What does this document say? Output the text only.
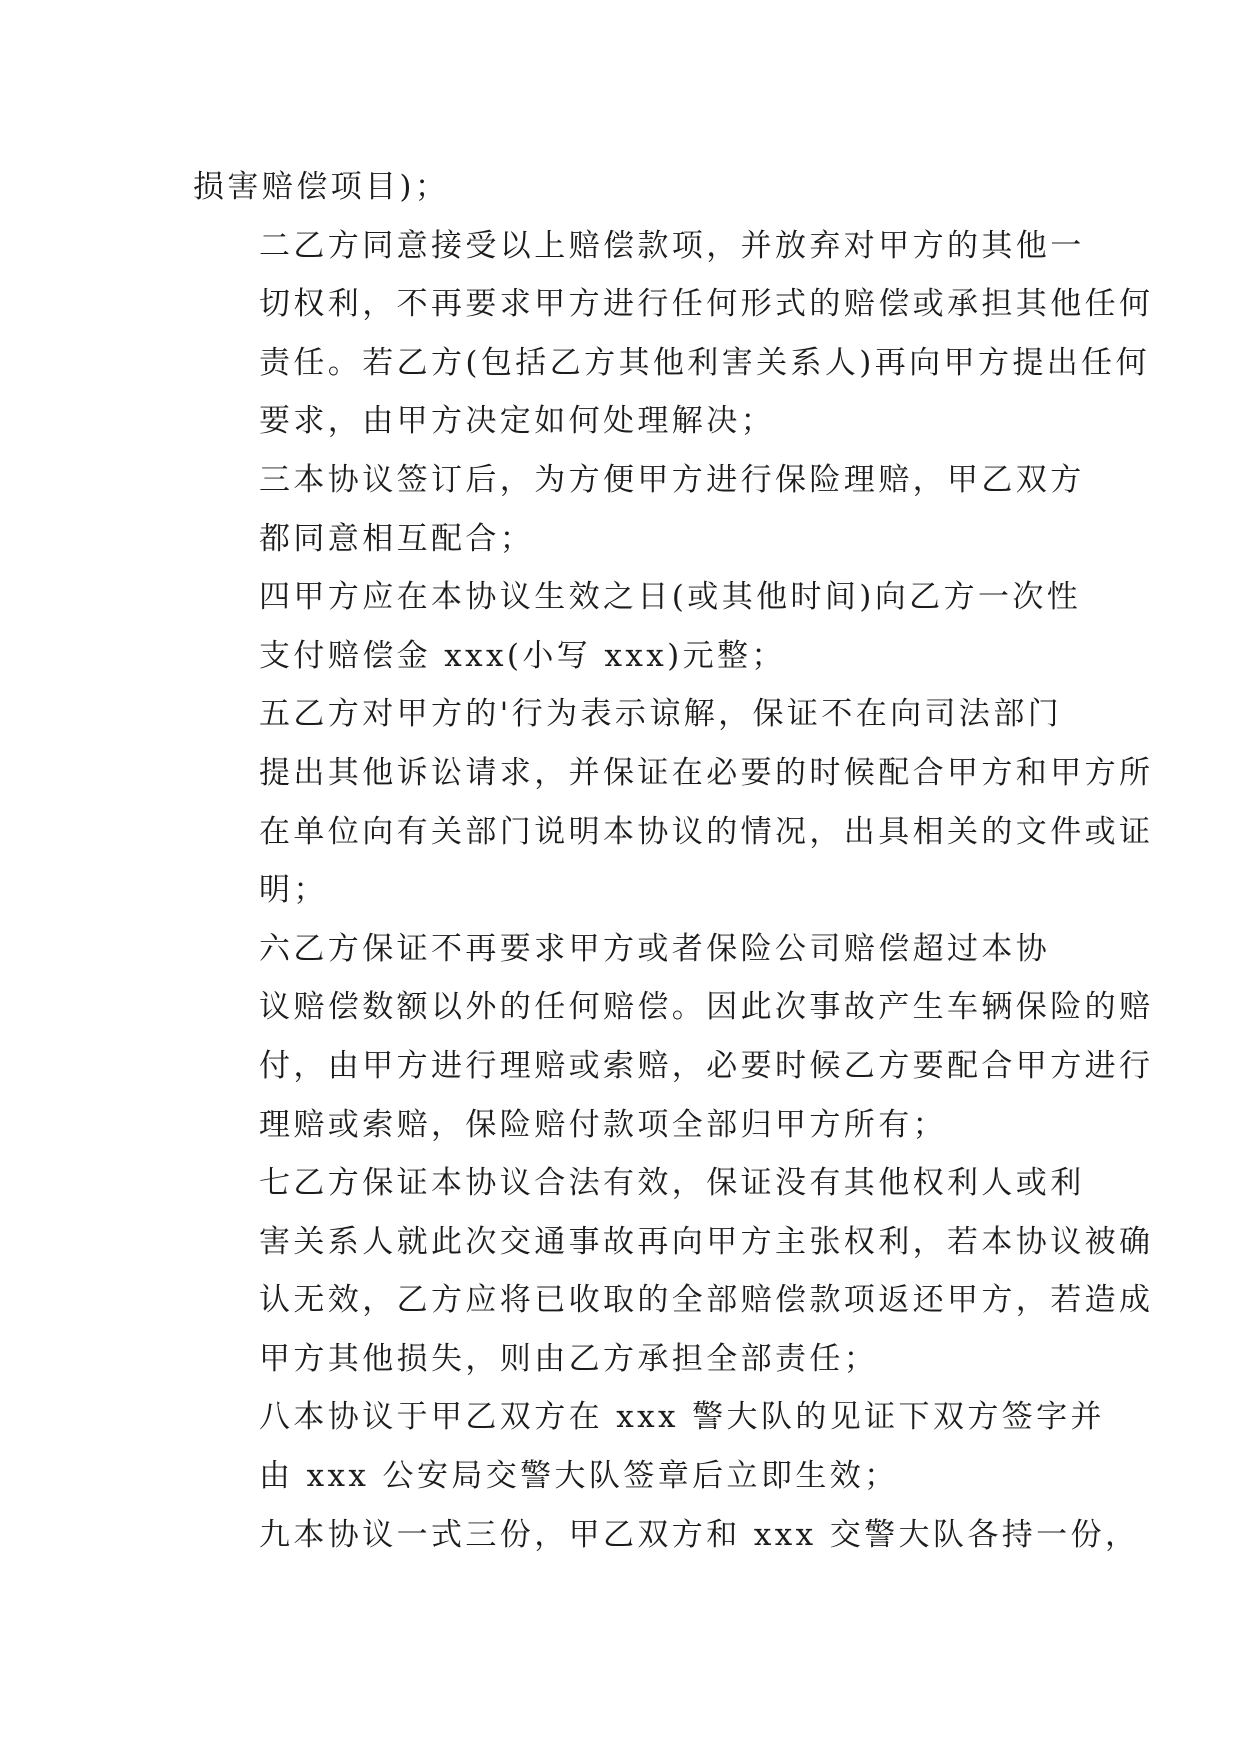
损害赔偿项目)；

二乙方同意接受以上赔偿款项，并放弃对甲方的其他一
切权利，不再要求甲方进行任何形式的赔偿或承担其他任何
责任。若乙方(包括乙方其他利害关系人)再向甲方提出任何
要求，由甲方决定如何处理解决；

三本协议签订后，为方便甲方进行保险理赔，甲乙双方
都同意相互配合；

四甲方应在本协议生效之日(或其他时间)向乙方一次性
支付赔偿金 xxx(小写 xxx)元整；

五乙方对甲方的'行为表示谅解，保证不在向司法部门
提出其他诉讼请求，并保证在必要的时候配合甲方和甲方所
在单位向有关部门说明本协议的情况，出具相关的文件或证
明；

六乙方保证不再要求甲方或者保险公司赔偿超过本协
议赔偿数额以外的任何赔偿。因此次事故产生车辆保险的赔
付，由甲方进行理赔或索赔，必要时候乙方要配合甲方进行
理赔或索赔，保险赔付款项全部归甲方所有；

七乙方保证本协议合法有效，保证没有其他权利人或利
害关系人就此次交通事故再向甲方主张权利，若本协议被确
认无效，乙方应将已收取的全部赔偿款项返还甲方，若造成
甲方其他损失，则由乙方承担全部责任；

八本协议于甲乙双方在 xxx 警大队的见证下双方签字并
由 xxx 公安局交警大队签章后立即生效；

九本协议一式三份，甲乙双方和 xxx 交警大队各持一份，
